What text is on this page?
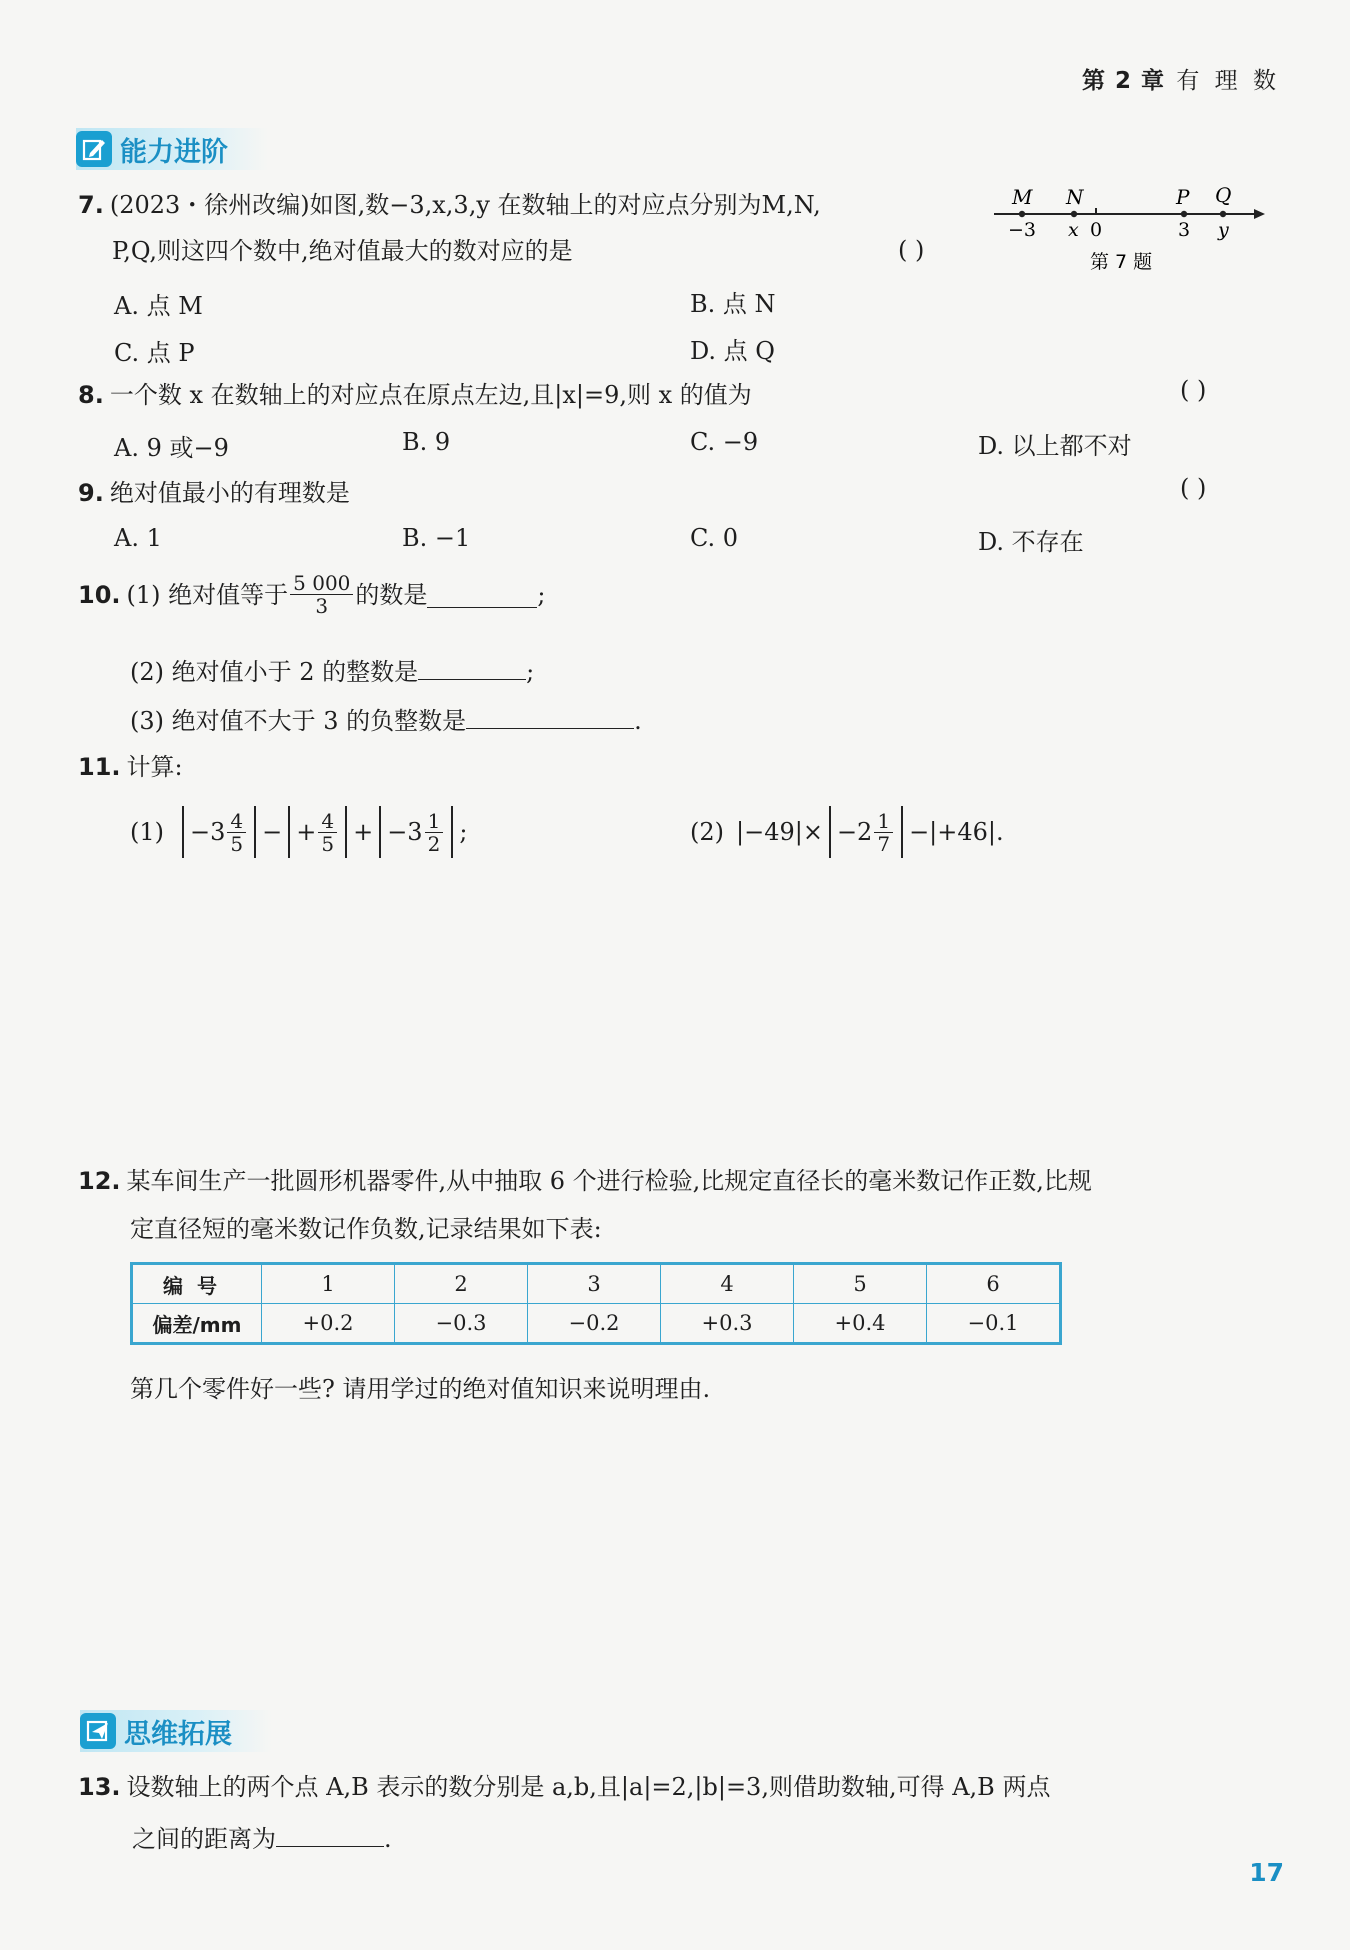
第 2 章 有 理 数
能力进阶
7. (2023・徐州改编)如图,数−3,x,3,y 在数轴上的对应点分别为M,N,
P,Q,则这四个数中,绝对值最大的数对应的是	( )
M N	P Q
−3 x 0	3 y
第 7 题
A. 点 M	B. 点 N
C. 点 P	D. 点 Q
8. 一个数 x 在数轴上的对应点在原点左边,且|x|=9,则 x 的值为	( )
A. 9 或−9	B. 9	C. −9	D. 以上都不对
9. 绝对值最小的有理数是	( )
A. 1	B. −1	C. 0	D. 不存在
10. (1) 绝对值等于 $\frac{5 000}{3}$ 的数是	;
(2) 绝对值小于 2 的整数是	;
(3) 绝对值不大于 3 的负整数是	.
11. 计算:
$(1) -3 \frac{4}{5}$ − + $\frac{4}{5} + -3 \frac{1}{2}$ ;	(2) $|-49|\times -2 \frac{1}{7} -|+46|$.
12. 某车间生产一批圆形机器零件,从中抽取 6 个进行检验,比规定直径长的毫米数记作正数,比规
定直径短的毫米数记作负数,记录结果如下表:
编号	1	2	3	4	5	6
偏差/mm	+0.2	−0.3	−0.2	+0.3	+0.4	−0.1
第几个零件好一些? 请用学过的绝对值知识来说明理由.
思维拓展
13. 设数轴上的两个点 A,B 表示的数分别是 a,b,且|a|=2,|b|=3,则借助数轴,可得 A,B 两点
之间的距离为	.
17
